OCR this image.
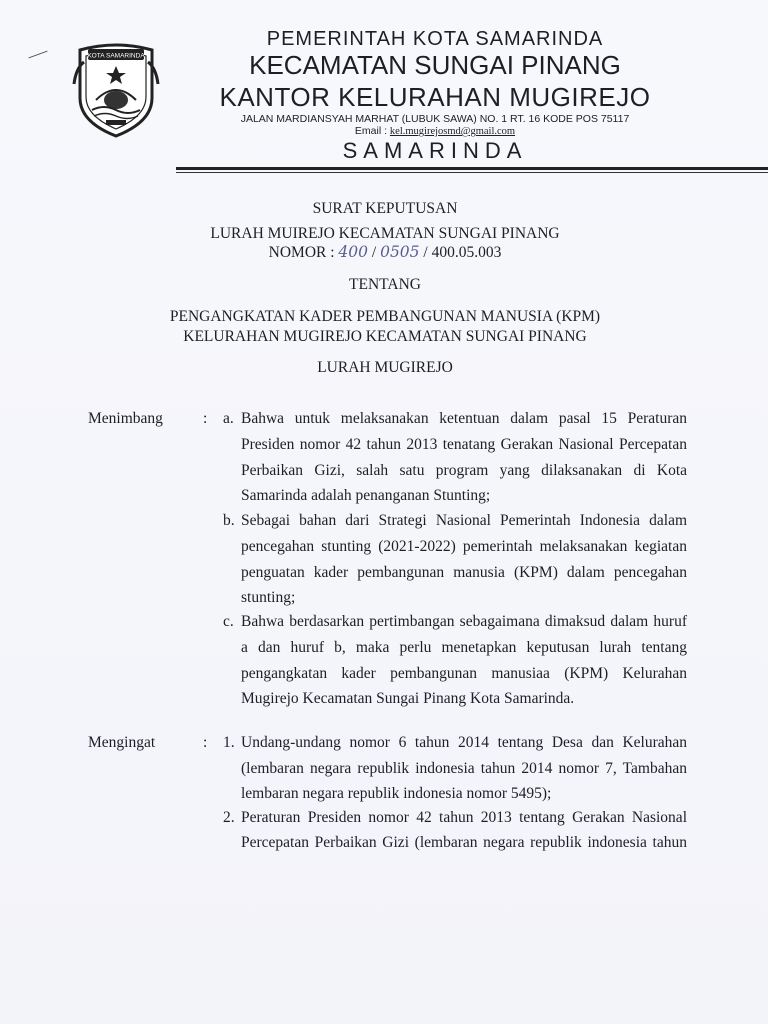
KOTA SAMARINDA
PEMERINTAH KOTA SAMARINDA
KECAMATAN SUNGAI PINANG
KANTOR KELURAHAN MUGIREJO
JALAN MARDIANSYAH MARHAT (LUBUK SAWA) NO. 1 RT. 16 KODE POS 75117
Email : kel.mugirejosmd@gmail.com
SAMARINDA
SURAT KEPUTUSAN
LURAH MUIREJO KECAMATAN SUNGAI PINANG
NOMOR : 400 / 0505 / 400.05.003
TENTANG
PENGANGKATAN KADER PEMBANGUNAN MANUSIA (KPM)
KELURAHAN MUGIREJO KECAMATAN SUNGAI PINANG
LURAH MUGIREJO
Menimbang	: a. Bahwa untuk melaksanakan ketentuan dalam pasal 15 Peraturan
Presiden nomor 42 tahun 2013 tenatang Gerakan Nasional Percepatan
Perbaikan Gizi, salah satu program yang dilaksanakan di Kota
Samarinda adalah penanganan Stunting;
b. Sebagai bahan dari Strategi Nasional Pemerintah Indonesia dalam
pencegahan stunting (2021-2022) pemerintah melaksanakan kegiatan
penguatan kader pembangunan manusia (KPM) dalam pencegahan
stunting;
c. Bahwa berdasarkan pertimbangan sebagaimana dimaksud dalam huruf
a dan huruf b, maka perlu menetapkan keputusan lurah tentang
pengangkatan kader pembangunan manusiaa (KPM) Kelurahan
Mugirejo Kecamatan Sungai Pinang Kota Samarinda.
Mengingat	: 1. Undang-undang nomor 6 tahun 2014 tentang Desa dan Kelurahan
(lembaran negara republik indonesia tahun 2014 nomor 7, Tambahan
lembaran negara republik indonesia nomor 5495);
2. Peraturan Presiden nomor 42 tahun 2013 tentang Gerakan Nasional
Percepatan Perbaikan Gizi (lembaran negara republik indonesia tahun
